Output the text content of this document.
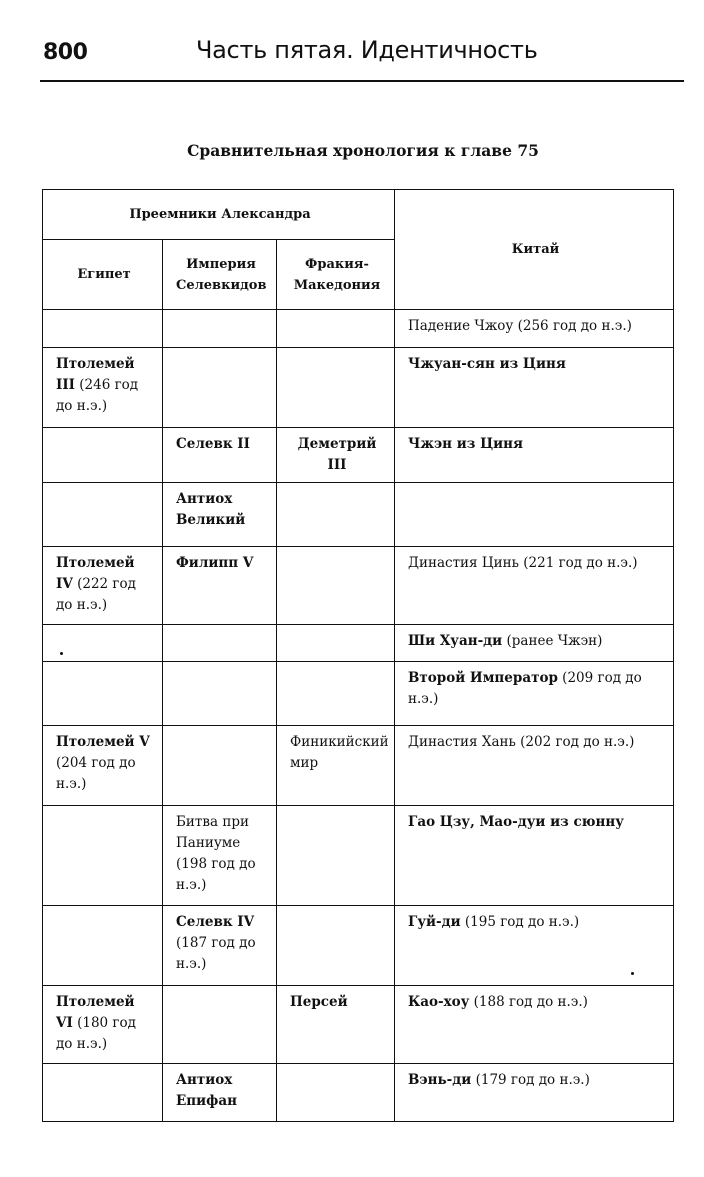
800	Часть пятая. Идентичность
Сравнительная хронология к главе 75
Преемники Александра			Китай
Египет	Империя Селевкидов	Фракия-Македония	
			Падение Чжоу (256 год до н.э.)
Птолемей III (246 год до н.э.)			Чжуан-сян из Циня
	Селевк II	Деметрий III	Чжэн из Циня
	Антиох Великий		
Птолемей IV (222 год до н.э.)	Филипп V		Династия Цинь (221 год до н.э.)
			Ши Хуан-ди (ранее Чжэн)
			Второй Император (209 год до н.э.)
Птолемей V (204 год до н.э.)		Финикийский мир	Династия Хань (202 год до н.э.)
	Битва при Паниуме (198 год до н.э.)		Гао Цзу, Мао-дуи из сюнну
	Селевк IV (187 год до н.э.)		Гуй-ди (195 год до н.э.)
Птолемей VI (180 год до н.э.)		Персей	Као-хоу (188 год до н.э.)
	Антиох Епифан		Вэнь-ди (179 год до н.э.)
